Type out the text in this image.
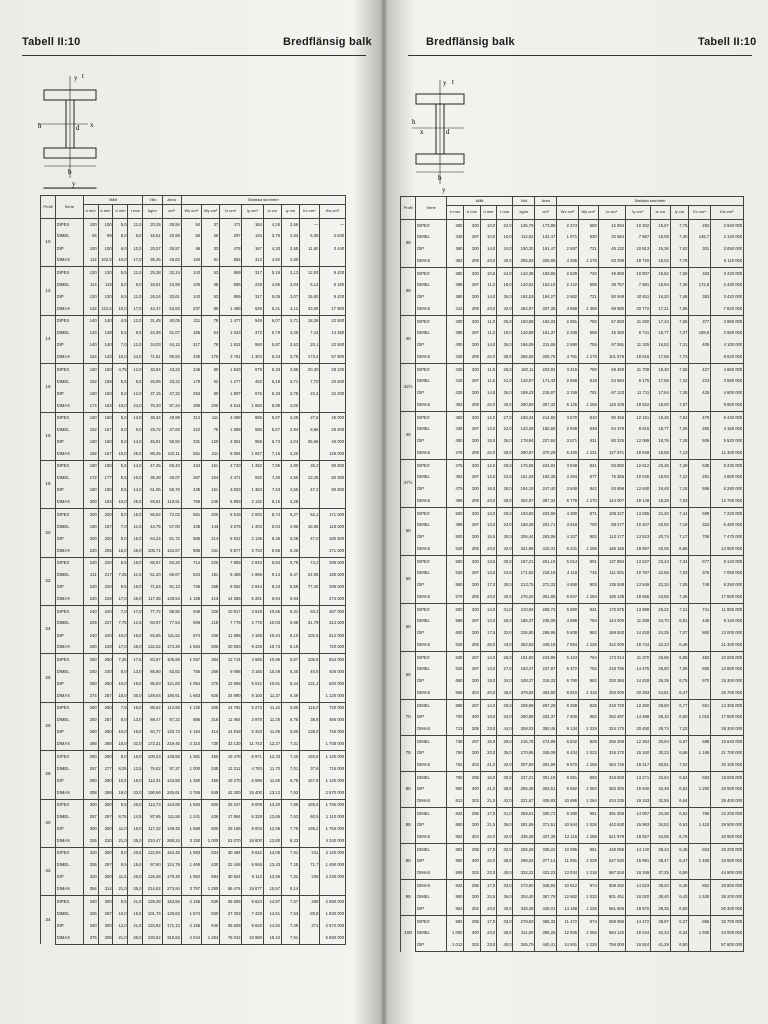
Tabell II:10	Bredflänsig balk
y t
h	d x
b
y
Profil	Serie	Mått				Vikt	Area	Statiska storheter							
		h mm	b mm	d mm	t mm	kg/m	cm²	Wx cm³	Wy cm³	Ix cm⁴	Iy cm⁴	ix cm	iy cm	Kv cm⁴	Kw cm⁶
10	DIPEX	100	100	5,0	11,0	20,25	25,94	94	37	471	184	4,26	2,66	—	—
	DIMEL	94	99	5,0	8,0	16,51	20,98	66	26	297	134	3,76	2,63	6,36	2 640
	DIP	100	100	6,0	10,0	20,07	25,57	86	33	478	167	4,33	2,55	11,60	3 440
	DIMAX	112	102,5	10,0	17,0	36,35	46,62	183	61	852	312	4,62	2,60		
12	DIPEX	120	120	5,5	11,0	25,38	32,24	143	53	869	317	5,19	3,13	12,93	9 420
	DIMEL	114	119	5,0	8,0	19,61	24,98	106	38	585	229	4,85	3,03	5,14	6 180
	DIP	120	120	6,5	11,0	26,24	33,61	143	53	859	317	5,05	3,07	15,60	9 420
	DIMAX	132	122,5	10,0	17,0	42,47	53,83	237	86	1 489	526	5,21	3,12	43,05	17 900
14	DIPEX	140	140	4,5	12,0	31,45	40,05	211	78	1 477	549	6,07	3,71	18,36	22 500
	DIMEL	133	138	5,5	8,5	24,38	31,07	155	54	1 033	372	5,79	3,46	7,24	14 450
	DIP	140	140	7,0	12,0	34,03	44,12	217	79	1 522	550	5,87	3,53	20,1	22 500
	DIMAX	154	143	16,0	24,0	71,51	90,84	430	176	3 761	1 303	6,43	3,79	173,4	57 800
16	DIPEX	160	150	4,75	12,0	33,94	43,22	246	90	1 643	679	6,33	3,96	20,30	28 100
	DIMEL	152	158	5,5	8,5	26,06	33,22	179	62	1 277	462	6,18	3,71	7,70	20 600
	DIP	150	150	8,0	12,0	37,15	47,32	253	90	1 897	676	6,33	3,78	22,4	22 200
	DIMAX	174	153	19,0	24,0	76,33	97,24	396	200	4 614	1 550	6,89	4,00		
16	DIPEX	160	160	5,0	13,0	39,34	49,99	312	111	2 499	885	6,87	4,29	27,8	45 000
	DIMEL	152	157	6,0	9,0	29,72	37,83	222	75	1 688	586	6,67	3,94	9,66	29 400
	DIP	160	160	8,0	14,0	45,91	58,50	331	120	2 651	955	6,73	4,04	36,66	46 000
	DIMAX	182	167	15,0	25,0	86,45	110,11	561	211	5 094	1 947	7,15	4,20		126 000
18	DIPEX	180	180	5,5	14,0	47,45	60,43	434	151	3 720	1 392	7,85	4,80	36,3	80 800
	DIMEL	172	177	6,5	10,0	35,38	45,07	287	104	2 471	932	7,40	4,55	13,45	50 300
	DIP	180	180	8,5	14,0	51,05	65,76	435	151	3 833	1 363	7,63	4,55	47,2	80 800
	DIMAX	200	184	16,0	25,0	93,81	119,51	765	245	6 983	2 132	6,16	4,28		
20	DIPEX	200	200	6,0	15,0	56,52	72,03	551	200	5 519	2 002	8,74	5,27	52,1	171 000
	DIMEL	190	197	7,0	11,0	44,75	57,00	436	143	3 679	1 403	8,04	4,96	18,65	118 000
	DIP	200	200	9,0	15,0	64,24	81,72	585	214	5 922	2 136	8,46	5,08	47,0	180 800
	DIMAX	220	206	16,0	26,0	105,71	134,57	895	341	9 877	3 733	8,56	5,26		271 000
22	DIPEX	220	220	6,5	16,0	65,97	84,20	714	226	7 859	2 843	9,64	5,79	74,2	296 000
	DIMEL	211	217	7,25	11,5	51,20	65,67	524	181	5 489	1 966	9,14	5,47	24,05	190 000
	DIP	220	220	9,5	16,0	71,54	91,13	736	258	8 052	2 844	9,43	5,59	77,40	296 000
	DIMAX	240	226	17,0	26,0	117,38	149,54	1 198	413	14 565	5 261	9,84	5,93		474 000
24	DIPEX	240	240	7,0	17,0	77,72	98,50	949	326	10 917	3 919	10,55	6,31	93,2	487 000
	DIMEL	229	227	7,75	12,5	60,97	77,54	696	218	7 778	2 776	10,03	5,98	31,79	313 000
	DIP	240	240	10,0	18,0	83,85	111,52	974	346	11 688	4 155	10,24	6,10	102,5	512 000
	DIMAX	260	248	17,0	28,0	132,52	174,26	1 564	506	20 063	9 429	10,73	6,19		720 000
25	DIPEX	250	250	7,25	17,5	83,97	105,59	1 057	364	12 714	4 555	10,96	6,57	106,6	634 000
	DIMEL	240	240	8,0	13,0	65,80	83,82	756	269	9 086	3 165	10,48	6,20	40,6	405 000
	DIP	250	250	10,0	19,0	95,63	121,83	1 054	375	13 658	5 042	10,61	6,44	131,4	620 000
	DIMAX	274	257	18,0	30,0	149,54	190,61	1 663	625	24 890	9 100	11,37	6,49		1 120 000
26	DIPEX	260	260	7,5	18,0	88,62	112,68	1 130	405	14 792	5 273	11,42	6,85	115,0	730 000
	DIMEL	250	257	8,0	13,0	68,47	87,22	885	318	11 064	3 978	11,26	6,75	38,6	466 000
	DIP	260	260	10,0	18,0	94,77	120,73	1 154	414	14 919	5 333	11,05	6,65	138,0	745 000
	DIMAX	288	268	18,0	32,0	172,21	219,45	2 310	730	33 130	11 743	12,27	7,31		1 708 000
28	DIPEX	280	280	8,0	19,0	100,03	128,58	1 381	450	19 478	6 971	12,33	7,40	150,6	1 130 000
	DIMEL	267	277	8,25	13,5	76,62	97,37	1 000	345	13 312	4 783	11,70	7,01	37,6	716 000
	DIP	280	280	10,5	18,0	112,31	143,58	1 360	456	19 270	6 596	11,60	6,78	167,8	1 130 000
	DIMAX	308	288	19,0	33,0	190,66	245,61	2 765	845	42 300	15 400	13,12	7,92		2 570 000
30	DIPEX	300	300	8,5	20,0	113,73	144,88	1 683	600	25 247	9 009	13,20	7,89	185,5	1 765 000
	DIMEL	287	297	8,75	14,5	87,95	111,56	1 241	426	17 864	6 328	12,65	7,53	60,5	1 110 000
	DIP	300	300	11,0	19,0	117,32	149,45	1 680	600	25 166	9 003	12,98	7,76	198,2	1 750 000
	DIMAX	326	310	21,0	35,0	210,47	268,24	3 150	1 000	51 070	18 600	13,80	8,33		4 240 000
32	DIPEX	320	300	9,0	20,5	122,94	154,45	1 983	634	30 484	9 642	14,05	7,91	231	2 140 000
	DIMEL	306	297	9,5	15,0	97,80	124,79	1 469	420	22 448	6 555	13,43	7,25	71,7	1 490 000
	DIP	320	300	11,5	20,0	126,48	170,46	1 952	694	30 824	9 113	13,59	7,32	236	2 230 000
	DIMAX	354	314	21,0	35,0	214,92	273,94	3 757	1 290	66 474	19 877	15,57	8,14		
34	DIPEX	340	300	9,5	21,0	128,38	163,55	2 156	639	36 655	9 624	14,97	7,67	269	2 590 000
	DIMEL	326	297	10,0	15,5	101,76	129,63	1 674	500	27 303	7 429	14,51	7,53	80,8	1 930 000
	DIP	340	300	12,0	21,0	133,92	171,13	2 156	640	36 628	9 626	14,52	7,49	271	2 570 000
	DIMAX	376	306	21,0	38,0	230,62	319,53	4 044	1 284	76 042	19 980	15,42	7,91		5 690 000
Bredflänsig balk	Tabell II:10
y t
h
d
x
b
y
Profil	Serie	Mått				Vikt	Area	Statiska storheter							
		h mm	b mm	d mm	t mm	kg/m	cm²	Wx cm³	Wy cm³	Ix cm⁴	Iy cm⁴	ix cm	iy cm	Kv cm⁴	Kw cm⁶
36	DIPEX	360	300	10,0	22,0	135,79	173,88	2 374	680	42 684	10 302	15,67	7,75	292	2 940 000
	DIMEL	348	297	10,5	16,0	112,02	142,47	1 871	530	32 564	7 867	15,08	7,40	146,7	2 140 000
	DIP	360	300	14,0	24,0	150,30	191,47	2 587	721	45 132	10 813	15,36	7,52	301	3 050 000
	DIMAX	382	309	23,0	40,0	255,83	325,95	4 265	1 276	83 299	19 720	16,02	7,78		6 110 000
38	DIPEX	380	300	10,5	24,0	143,38	183,65	2 629	720	49 860	10 807	16,52	7,69	333	3 420 000
	DIMEL	368	297	11,0	18,0	120,02	153,10	2 122	595	38 757	7 981	15,94	7,36	172,9	2 430 000
	DIP	380	300	14,0	26,0	162,53	194,27	2 662	721	50 948	10 811	16,20	7,46	353	3 420 000
	DIMAX	412	309	23,0	42,0	264,97	337,35	4 859	1 389	99 880	20 772	17,21	7,85		7 820 000
40	DIPEX	400	300	11,0	25,0	150,58	192,03	2 891	750	57 683	11 250	17,34	7,65	377	3 960 000
	DIMEL	388	297	11,0	19,0	126,58	161,37	2 338	569	45 360	8 741	16,77	7,37	189,9	2 660 000
	DIP	400	300	14,0	26,0	166,09	211,65	2 880	755	57 591	11 325	16,52	7,31	405	4 100 000
	DIMAX	426	306	22,0	38,0	256,56	326,75	4 761	1 278	101 876	19 516	17,66	7,73		8 620 000
42½	DIPEX	425	300	11,5	26,0	160,11	203,92	3 216	780	68 460	11 709	18,30	7,58	427	4 660 000
	DIMEL	415	297	11,5	21,0	134,57	171,43	2 658	618	54 684	9 175	17,86	7,32	223	3 580 000
	DIP	425	300	14,5	26,0	169,43	215,87	3 159	781	67 133	11 711	17,64	7,36	425	4 600 000
	DIMAX	453	308	22,0	40,0	280,60	357,32	5 125	1 266	116 106	19 522	18,00	7,67		9 900 000
45	DIPEX	450	300	12,0	27,0	168,44	214,60	3 570	810	80 456	12 161	19,36	7,52	479	5 440 000
	DIMEL	438	297	12,0	22,0	143,28	182,60	2 949	648	64 378	9 615	18,77	7,26	255	4 150 000
	DIP	450	300	15,0	26,0	178,94	227,84	3 571	811	80 225	12 069	18,76	7,28	506	5 520 000
	DIMAX	476	306	22,0	39,0	290,67	370,29	5 430	1 231	127 971	18 849	18,59	7,13		11 300 000
47½	DIPEX	475	300	12,5	28,0	176,56	224,92	3 948	841	93 882	12 612	20,36	7,49	538	6 230 000
	DIMEL	463	297	12,5	22,5	151,03	192,35	3 294	677	76 355	10 040	19,93	7,22	291	4 800 000
	DIP	475	300	16,0	28,0	194,19	247,40	3 848	842	93 898	12 640	19,48	7,15	596	6 280 000
	DIMAX	499	306	23,0	39,0	304,87	387,34	5 779	1 270	144 007	19 149	19,28	7,03		12 700 000
50	DIPEX	500	300	13,0	29,0	183,50	233,69	4 380	871	108 227	13 085	21,20	7,44	599	7 220 000
	DIMEL	488	297	13,0	23,0	158,38	201,71	3 618	700	88 277	10 407	20,92	7,18	322	5 480 000
	DIP	500	300	16,5	30,0	206,44	263,06	4 327	902	113 177	13 523	20,74	7,17	706	7 470 000
	DIMAX	529	305	23,0	42,0	321,96	410,31	6 241	1 296	165 155	19 897	20,06	6,96		14 900 000
55	DIPEX	550	300	13,5	30,0	197,21	251,10	5 014	901	137 884	13 537	23,43	7,34	677	9 140 000
	DIMEL	536	297	13,5	24,5	171,62	218,16	4 118	745	111 931	10 767	22,65	7,03	376	7 050 000
	DIP	550	300	17,0	30,0	213,75	272,33	4 950	903	135 938	13 549	22,34	7,05	749	9 250 000
	DIMAX	570	305	23,0	40,0	276,20	351,85	6 847	1 264	195 138	19 565	23,55	7,46		17 500 000
60	DIPEX	600	300	14,0	31,0	210,94	268,72	5 680	931	170 875	13 988	25,22	7,21	741	11 800 000
	DIMEL	588	297	14,0	26,0	185,37	236,09	4 899	764	144 000	11 269	24,70	6,91	445	9 140 000
	DIP	600	300	17,5	32,0	226,80	288,95	5 808	962	169 820	14 428	24,25	7,07	860	12 000 000
	DIMAX	626	305	26,0	43,0	352,63	449,18	7 564	1 226	222 000	18 744	22,23	6,46		21 300 000
65	DIPEX	638	297	14,0	26,0	191,50	243,99	5 424	764	173 014	11 370	26,66	6,85	462	10 600 000
	DIMEL	625	297	14,0	27,0	183,47	237,87	5 372	752	218 785	14 475	26,90	7,05	860	13 800 000
	DIP	650	300	19,0	34,0	248,37	316,33	6 780	962	220 384	14 428	26,39	6,75	970	15 300 000
	DIMAX	666	304	20,0	46,0	379,84	483,80	8 810	1 316	293 000	20 283	24,61	6,47		26 700 000
70	DIMEL	688	297	14,0	28,0	209,69	267,28	6 358	825	218 720	12 260	28,60	6,77	561	13 300 000
	DIP	700	300	19,5	34,0	260,85	332,37	7 500	962	262 497	14 488	28,10	6,60	1 010	17 500 000
	DIMAX	713	308	23,0	44,0	308,03	392,45	9 134	1 328	324 170	20 450	28,74	7,22		28 300 000
75	DIMEL	738	297	15,0	29,0	215,78	274,89	6 842	829	256 269	12 254	30,54	6,67	588	15 640 000
	DIP	750	300	20,0	35,0	270,86	345,09	8 434	1 023	316 270	15 340	30,23	6,66	1 165	21 700 000
	DIMAX	762	303	21,0	42,0	307,60	391,99	9 570	1 256	364 726	19 317	30,51	7,02		30 100 000
80	DIMEL	790	298	16,0	30,0	237,21	301,18	8 061	893	318 600	13 271	32,54	6,64	693	18 600 000
	DIP	800	300	21,0	36,0	285,48	363,61	9 582	1 063	383 300	15 940	32,48	6,62	1 290	25 500 000
	DIMAX	812	303	21,0	42,0	321,67	409,83	10 695	1 264	434 235	19 153	32,55	6,84		35 400 000
85	DIMEL	842	298	17,0	31,0	259,61	330,72	9 380	951	391 009	14 067	34,38	6,52	786	22 200 000
	DIP	850	300	21,5	36,0	291,69	371,51	10 844	1 026	442 630	15 963	34,52	6,53	1 410	29 500 000
	DIMAX	862	304	22,0	42,0	335,38	427,39	12 116	1 286	521 979	19 557	34,95	6,76		40 900 000
90	DIMEL	892	298	17,0	32,0	266,26	339,22	10 095	951	448 066	14 140	36,34	6,46	804	25 200 000
	DIP	900	300	22,0	36,0	296,04	377,14	11 891	1 029	527 630	15 991	36,47	6,47	1 460	33 800 000
	DIMAX	906	302	22,0	40,0	332,22	423,23	13 034	1 216	587 534	18 349	37,25	6,59		44 900 000
95	DIMAX	942	298	17,0	33,0	273,90	348,93	10 812	974	509 262	14 523	38,20	6,45	852	28 800 000
	DIMEL	950	300	22,5	36,0	304,40	387,79	12 662	1 033	601 451	16 020	38,40	6,43	1 530	38 200 000
	DIP	962	302	23,0	40,0	345,38	440,01	14 168	1 226	681 506	18 570	39,35	6,50		50 300 000
100	DIPEX	992	298	17,0	33,0	279,63	356,32	11 472	974	568 986	14 472	39,97	6,37	865	32 700 000
	DIMEL	1 000	300	23,0	36,0	311,00	396,26	12 805	1 065	684 120	16 044	40,34	6,34	1 600	43 000 000
	DIP	1 012	302	23,0	40,0	345,70	440,41	14 941	1 226	756 000	18 524	41,29	6,50		57 600 000
